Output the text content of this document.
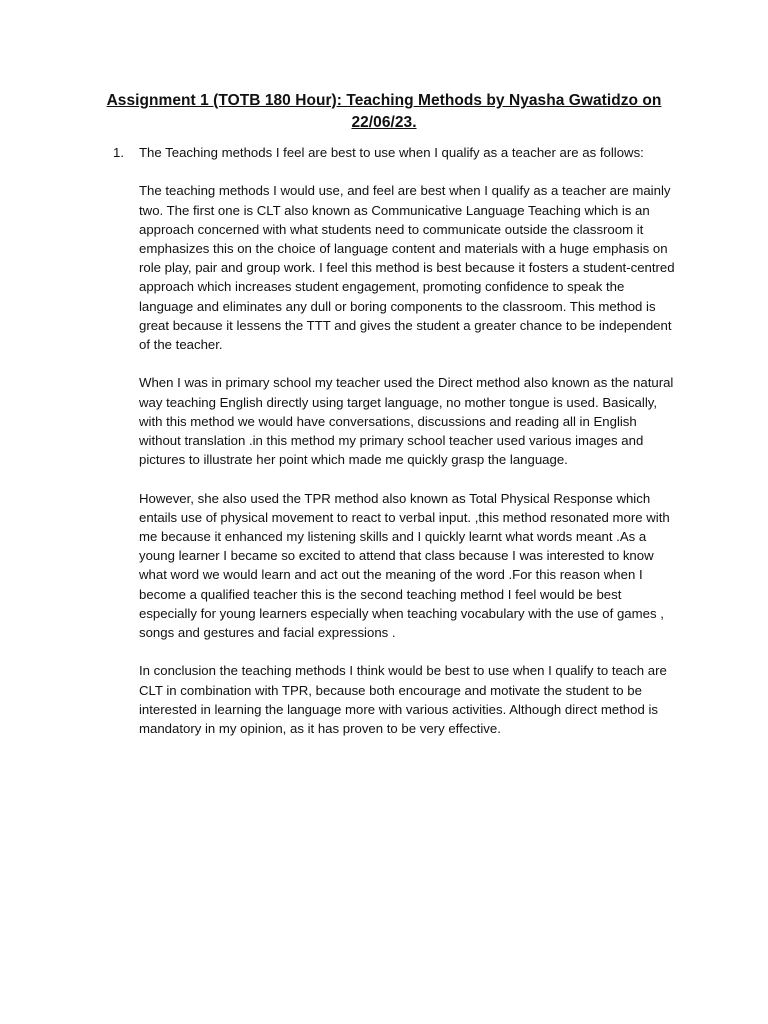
Assignment 1 (TOTB 180 Hour): Teaching Methods by Nyasha Gwatidzo on 22/06/23.
1.	The Teaching methods I feel are best to use when I qualify as a teacher are as follows:

The teaching methods I would use, and feel are best when I qualify as a teacher are mainly two. The first one is CLT also known as Communicative Language Teaching which is an approach concerned with what students need to communicate outside the classroom it emphasizes this on the choice of language content and materials with a huge emphasis on role play, pair and group work. I feel this method is best because it fosters a student-centred approach which increases student engagement, promoting confidence to speak the language and eliminates any dull or boring components to the classroom. This method is great because it lessens the TTT and gives the student a greater chance to be independent of the teacher.

When I was in primary school my teacher used the Direct method also known as the natural way teaching English directly using target language, no mother tongue is used. Basically, with this method we would have conversations, discussions and reading all in English without translation .in this method my primary school teacher used various images and pictures to illustrate her point which made me quickly grasp the language.

However, she also used the TPR method also known as Total Physical Response which entails use of physical movement to react to verbal input. ,this method resonated more with me because it enhanced my listening skills and I quickly learnt what words meant .As a young learner I became so excited to attend that class because I was interested to know what word we would learn and act out the meaning of the word .For this reason when I become a qualified teacher this is the second teaching method I feel would be best especially for young learners especially when teaching vocabulary with the use of games , songs and gestures and facial expressions .

In conclusion the teaching methods I think would be best to use when I qualify to teach are CLT in combination with TPR, because both encourage and motivate the student to be interested in learning the language more with various activities. Although direct method is mandatory in my opinion, as it has proven to be very effective.
